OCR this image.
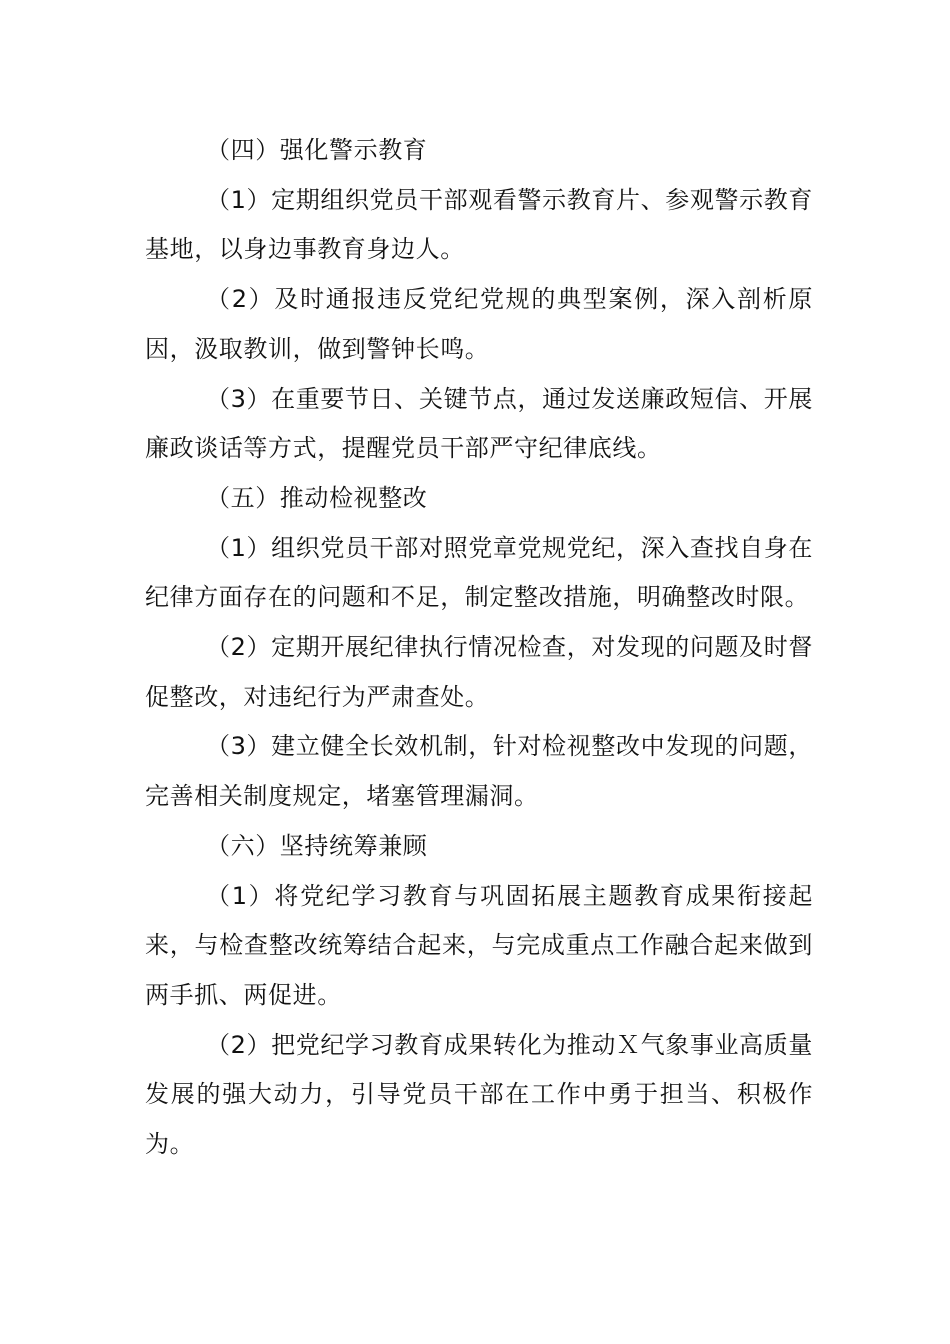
（四）强化警示教育

（1）定期组织党员干部观看警示教育片、参观警示教育基地，以身边事教育身边人。

（2）及时通报违反党纪党规的典型案例，深入剖析原因，汲取教训，做到警钟长鸣。

（3）在重要节日、关键节点，通过发送廉政短信、开展廉政谈话等方式，提醒党员干部严守纪律底线。

（五）推动检视整改

（1）组织党员干部对照党章党规党纪，深入查找自身在纪律方面存在的问题和不足，制定整改措施，明确整改时限。

（2）定期开展纪律执行情况检查，对发现的问题及时督促整改，对违纪行为严肃查处。

（3）建立健全长效机制，针对检视整改中发现的问题，完善相关制度规定，堵塞管理漏洞。

（六）坚持统筹兼顾

（1）将党纪学习教育与巩固拓展主题教育成果衔接起来，与检查整改统筹结合起来，与完成重点工作融合起来做到两手抓、两促进。

（2）把党纪学习教育成果转化为推动Ｘ气象事业高质量发展的强大动力，引导党员干部在工作中勇于担当、积极作为。
